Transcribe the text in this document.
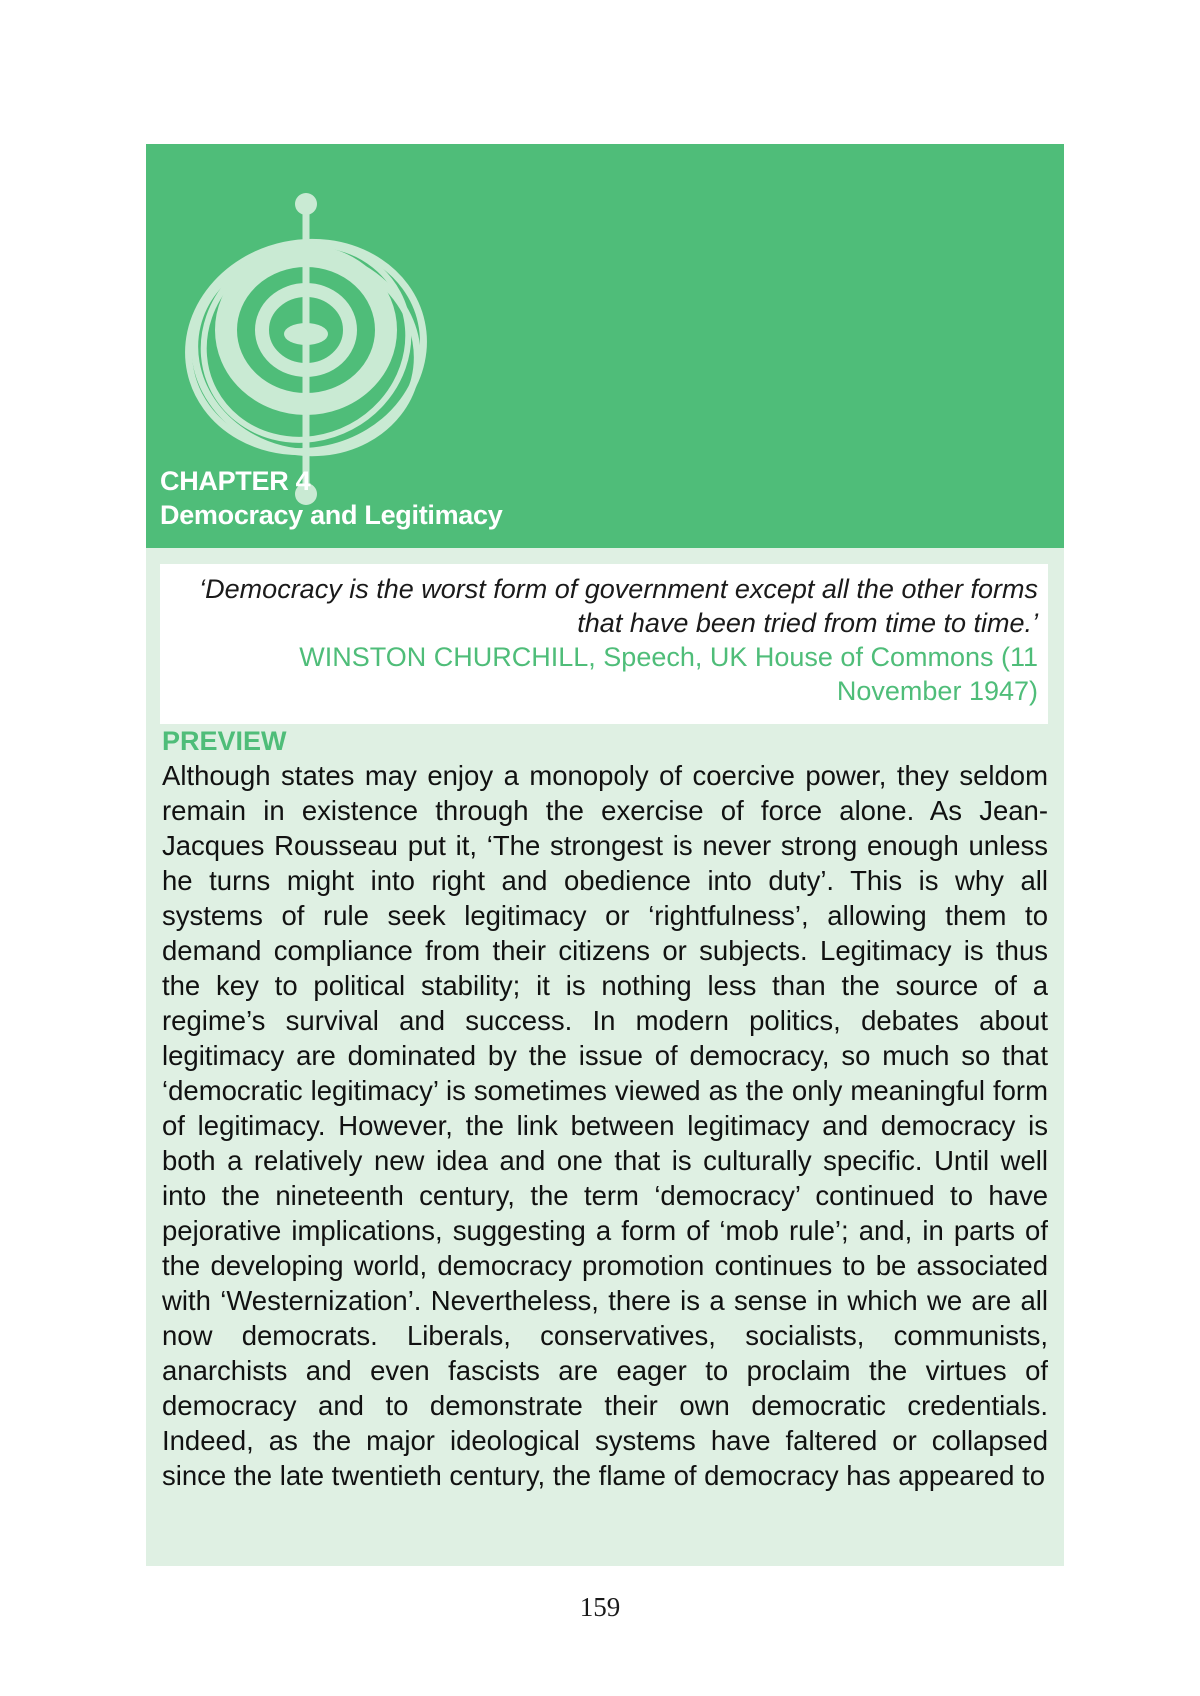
CHAPTER 4
Democracy and Legitimacy

‘Democracy is the worst form of government except all the other forms that have been tried from time to time.’

WINSTON CHURCHILL, Speech, UK House of Commons (11 November 1947)

PREVIEW

Although states may enjoy a monopoly of coercive power, they seldom remain in existence through the exercise of force alone. As Jean-Jacques Rousseau put it, ‘The strongest is never strong enough unless he turns might into right and obedience into duty’. This is why all systems of rule seek legitimacy or ‘rightfulness’, allowing them to demand compliance from their citizens or subjects. Legitimacy is thus the key to political stability; it is nothing less than the source of a regime’s survival and success. In modern politics, debates about legitimacy are dominated by the issue of democracy, so much so that ‘democratic legitimacy’ is sometimes viewed as the only meaningful form of legitimacy. However, the link between legitimacy and democracy is both a relatively new idea and one that is culturally specific. Until well into the nineteenth century, the term ‘democracy’ continued to have pejorative implications, suggesting a form of ‘mob rule’; and, in parts of the developing world, democracy promotion continues to be associated with ‘Westernization’. Nevertheless, there is a sense in which we are all now democrats. Liberals, conservatives, socialists, communists, anarchists and even fascists are eager to proclaim the virtues of democracy and to demonstrate their own democratic credentials. Indeed, as the major ideological systems have faltered or collapsed since the late twentieth century, the flame of democracy has appeared to

159
